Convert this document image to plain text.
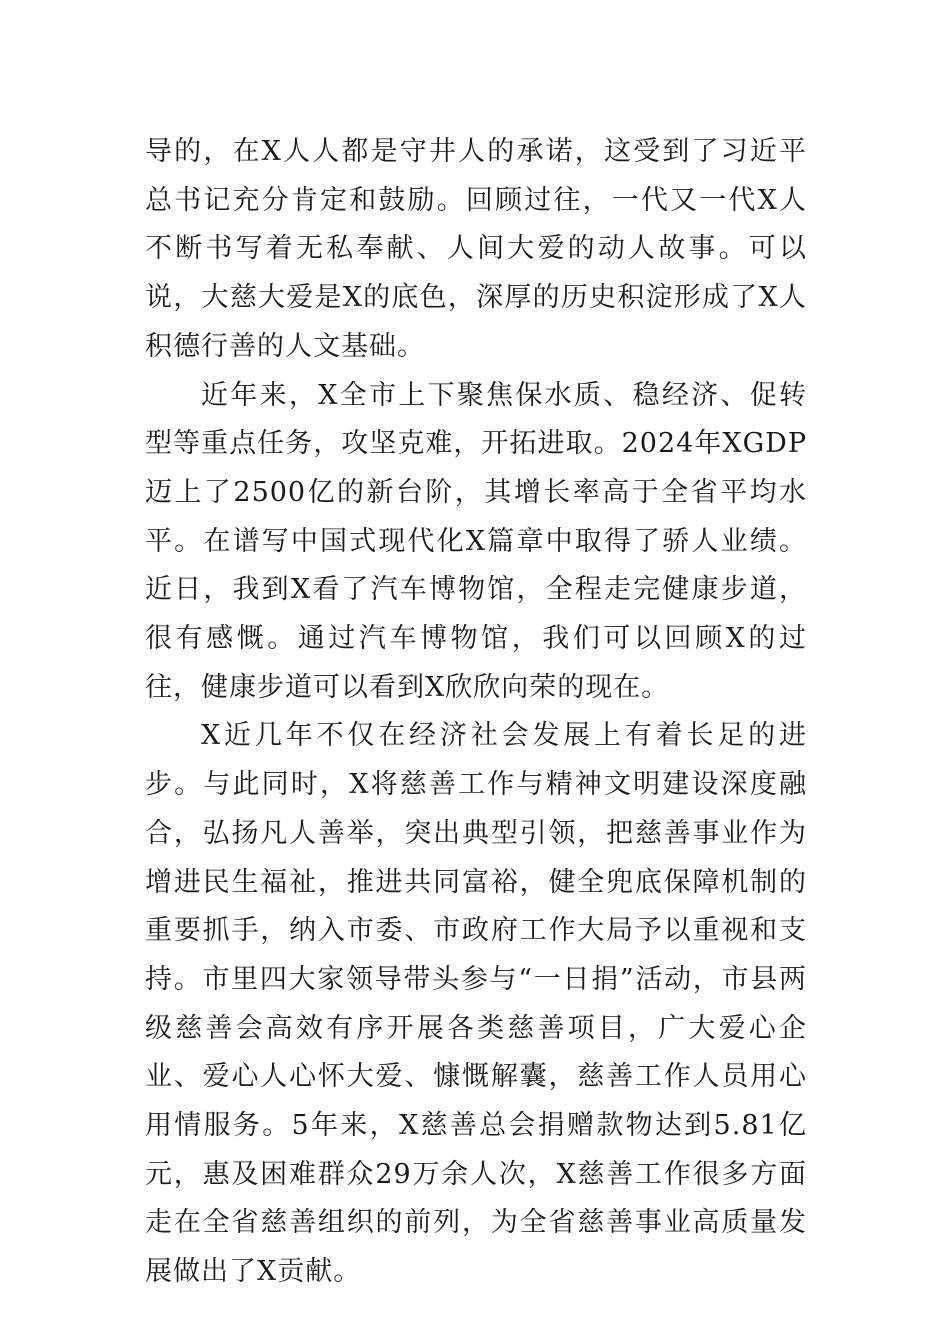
导的，在X人人都是守井人的承诺，这受到了习近平总书记充分肯定和鼓励。回顾过往，一代又一代X人不断书写着无私奉献、人间大爱的动人故事。可以说，大慈大爱是X的底色，深厚的历史积淀形成了X人积德行善的人文基础。

近年来，X全市上下聚焦保水质、稳经济、促转型等重点任务，攻坚克难，开拓进取。2024年XGDP迈上了2500亿的新台阶，其增长率高于全省平均水平。在谱写中国式现代化X篇章中取得了骄人业绩。近日，我到X看了汽车博物馆，全程走完健康步道，很有感慨。通过汽车博物馆，我们可以回顾X的过往，健康步道可以看到X欣欣向荣的现在。

X近几年不仅在经济社会发展上有着长足的进步。与此同时，X将慈善工作与精神文明建设深度融合，弘扬凡人善举，突出典型引领，把慈善事业作为增进民生福祉，推进共同富裕，健全兜底保障机制的重要抓手，纳入市委、市政府工作大局予以重视和支持。市里四大家领导带头参与“一日捐”活动，市县两级慈善会高效有序开展各类慈善项目，广大爱心企业、爱心人心怀大爱、慷慨解囊，慈善工作人员用心用情服务。5年来，X慈善总会捐赠款物达到5.81亿元，惠及困难群众29万余人次，X慈善工作很多方面走在全省慈善组织的前列，为全省慈善事业高质量发展做出了X贡献。
